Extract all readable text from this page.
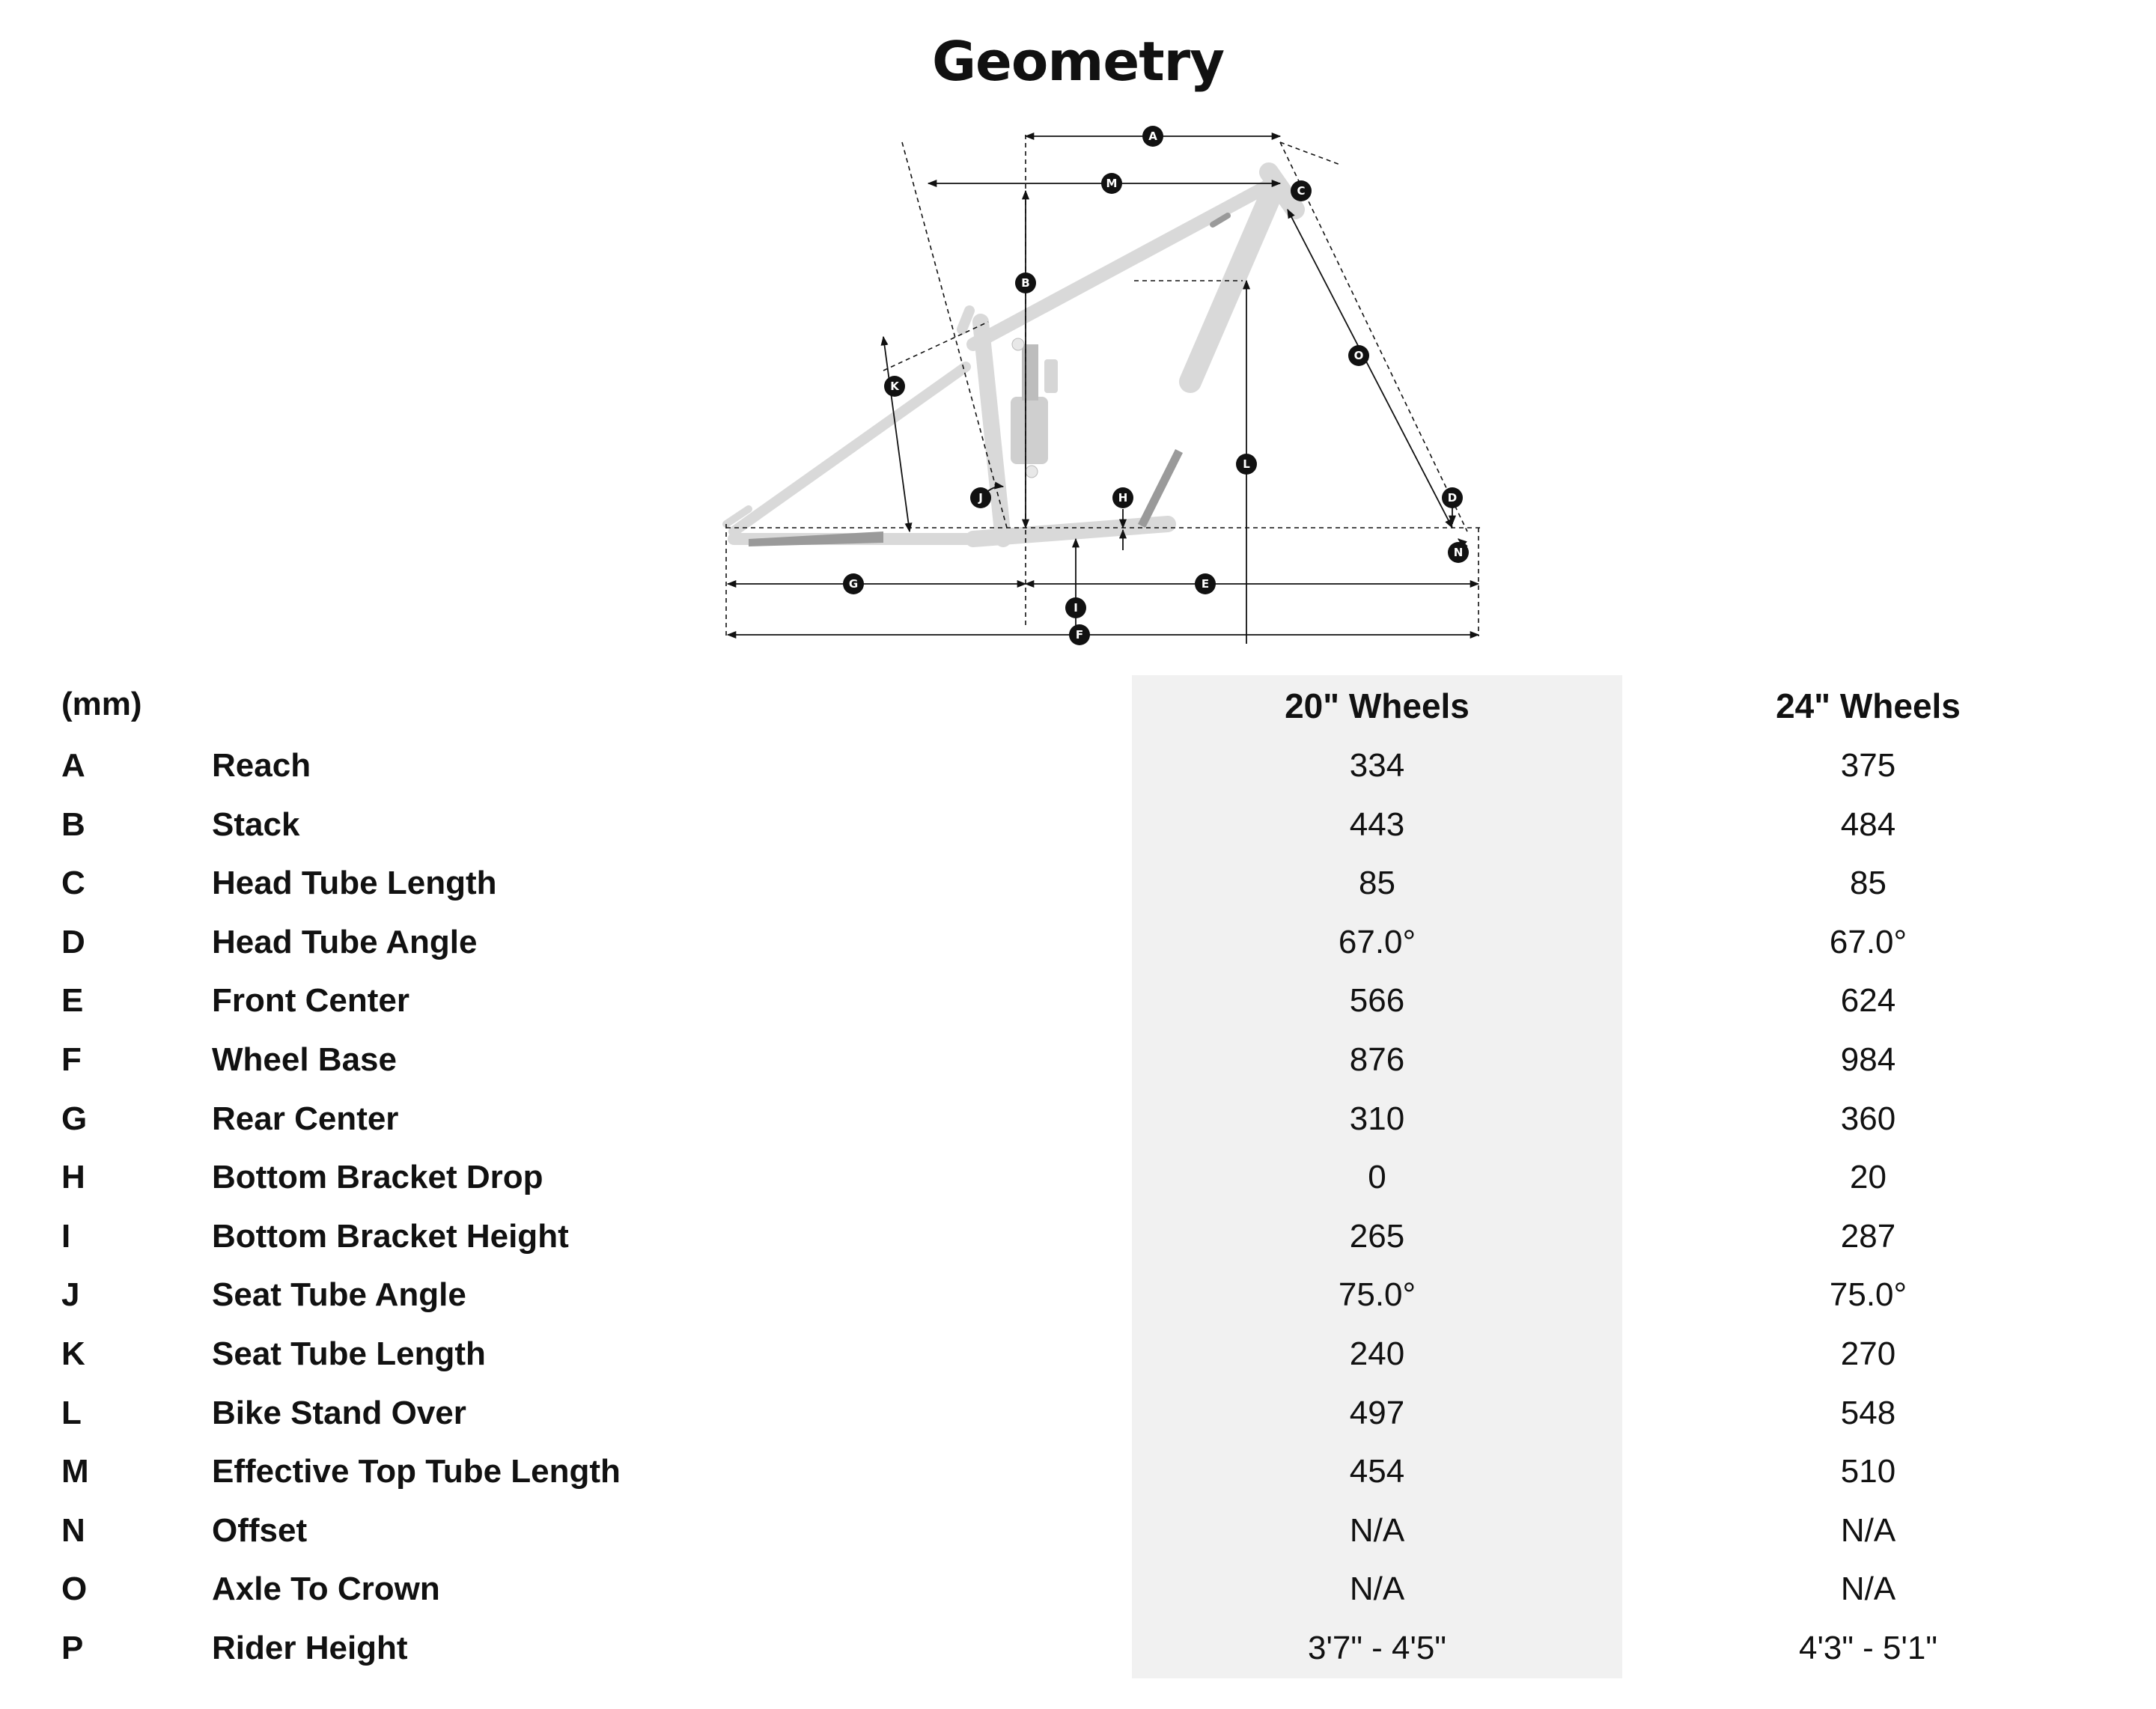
Geometry
A
M
C
B
O
K
L
J	H	D
N
G	E
I
F
(mm)	20" Wheels	24" Wheels
A	Reach	334	375
B	Stack	443	484
C	Head Tube Length	85	85
D	Head Tube Angle	67.0°	67.0°
E	Front Center	566	624
F	Wheel Base	876	984
G	Rear Center	310	360
H	Bottom Bracket Drop	0	20
I	Bottom Bracket Height	265	287
J	Seat Tube Angle	75.0°	75.0°
K	Seat Tube Length	240	270
L	Bike Stand Over	497	548
M	Effective Top Tube Length	454	510
N	Offset	N/A	N/A
O	Axle To Crown	N/A	N/A
P	Rider Height	3'7" - 4'5"	4'3" - 5'1"
